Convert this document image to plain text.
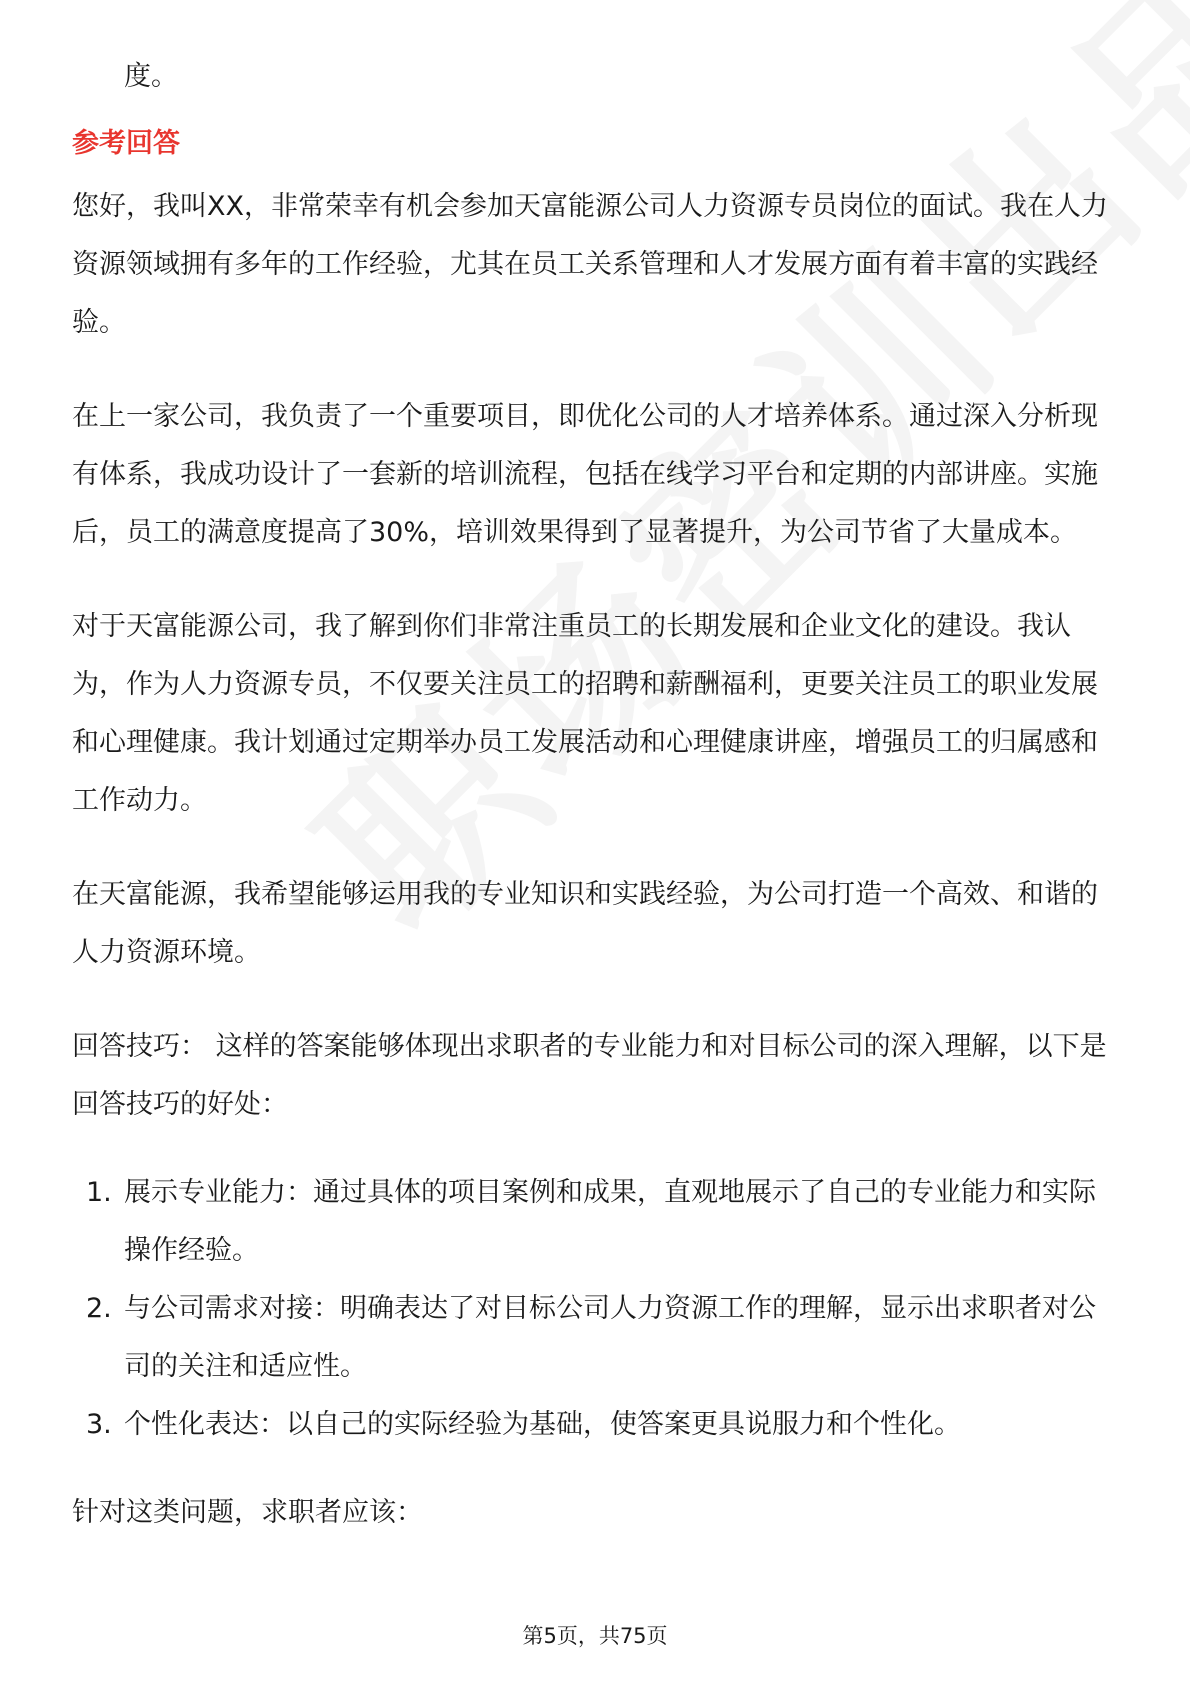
度。

参考回答

您好，我叫XX，非常荣幸有机会参加天富能源公司人力资源专员岗位的面试。我在人力资源领域拥有多年的工作经验，尤其在员工关系管理和人才发展方面有着丰富的实践经验。

在上一家公司，我负责了一个重要项目，即优化公司的人才培养体系。通过深入分析现有体系，我成功设计了一套新的培训流程，包括在线学习平台和定期的内部讲座。实施后，员工的满意度提高了30%，培训效果得到了显著提升，为公司节省了大量成本。

对于天富能源公司，我了解到你们非常注重员工的长期发展和企业文化的建设。我认为，作为人力资源专员，不仅要关注员工的招聘和薪酬福利，更要关注员工的职业发展和心理健康。我计划通过定期举办员工发展活动和心理健康讲座，增强员工的归属感和工作动力。

在天富能源，我希望能够运用我的专业知识和实践经验，为公司打造一个高效、和谐的人力资源环境。

回答技巧： 这样的答案能够体现出求职者的专业能力和对目标公司的深入理解，以下是回答技巧的好处：

1. 展示专业能力：通过具体的项目案例和成果，直观地展示了自己的专业能力和实际操作经验。
2. 与公司需求对接：明确表达了对目标公司人力资源工作的理解，显示出求职者对公司的关注和适应性。
3. 个性化表达：以自己的实际经验为基础，使答案更具说服力和个性化。

针对这类问题，求职者应该：

第5页，共75页
